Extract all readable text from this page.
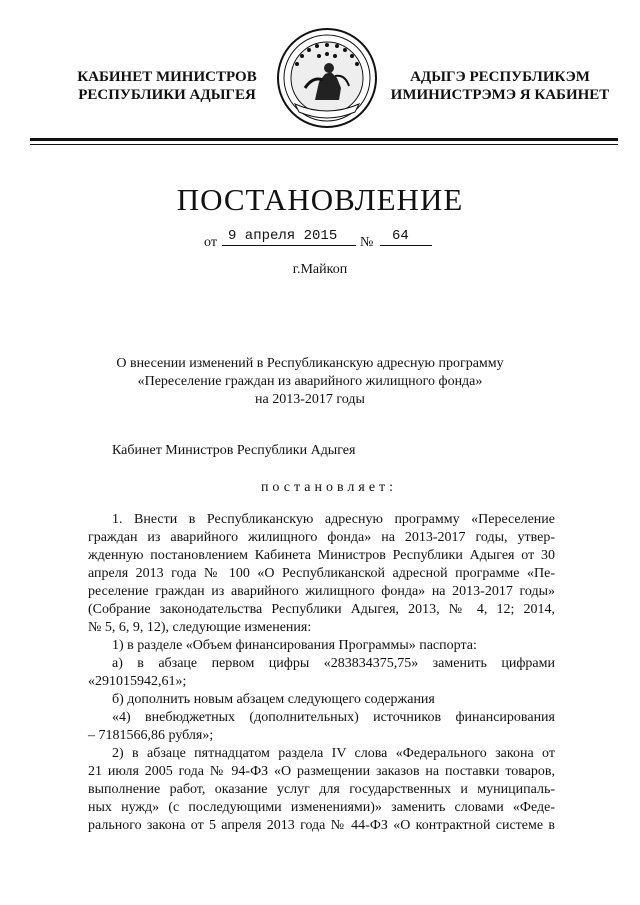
КАБИНЕТ МИНИСТРОВ
РЕСПУБЛИКИ АДЫГЕЯ
АДЫГЭ РЕСПУБЛИКЭМ
ИМИНИСТРЭМЭ Я КАБИНЕТ
ПОСТАНОВЛЕНИЕ
от 9 апреля 2015	№	64
г.Майкоп
О внесении изменений в Республиканскую адресную программу
«Переселение граждан из аварийного жилищного фонда»
на 2013-2017 годы
Кабинет Министров Республики Адыгея
постановляет:
1. Внести в Республиканскую адресную программу «Переселение
граждан из аварийного жилищного фонда» на 2013-2017 годы, утвер-
жденную постановлением Кабинета Министров Республики Адыгея от 30
апреля 2013 года № 100 «О Республиканской адресной программе «Пе-
реселение граждан из аварийного жилищного фонда» на 2013-2017 годы»
(Собрание законодательства Республики Адыгея, 2013, № 4, 12; 2014,
№ 5, 6, 9, 12), следующие изменения:
1) в разделе «Объем финансирования Программы» паспорта:
а) в абзаце первом цифры «283834375,75» заменить цифрами
«291015942,61»;
б) дополнить новым абзацем следующего содержания
«4) внебюджетных (дополнительных) источников финансирования
– 7181566,86 рубля»;
2) в абзаце пятнадцатом раздела IV слова «Федерального закона от
21 июля 2005 года № 94-ФЗ «О размещении заказов на поставки товаров,
выполнение работ, оказание услуг для государственных и муниципаль-
ных нужд» (с последующими изменениями)» заменить словами «Феде-
рального закона от 5 апреля 2013 года № 44-ФЗ «О контрактной системе в
